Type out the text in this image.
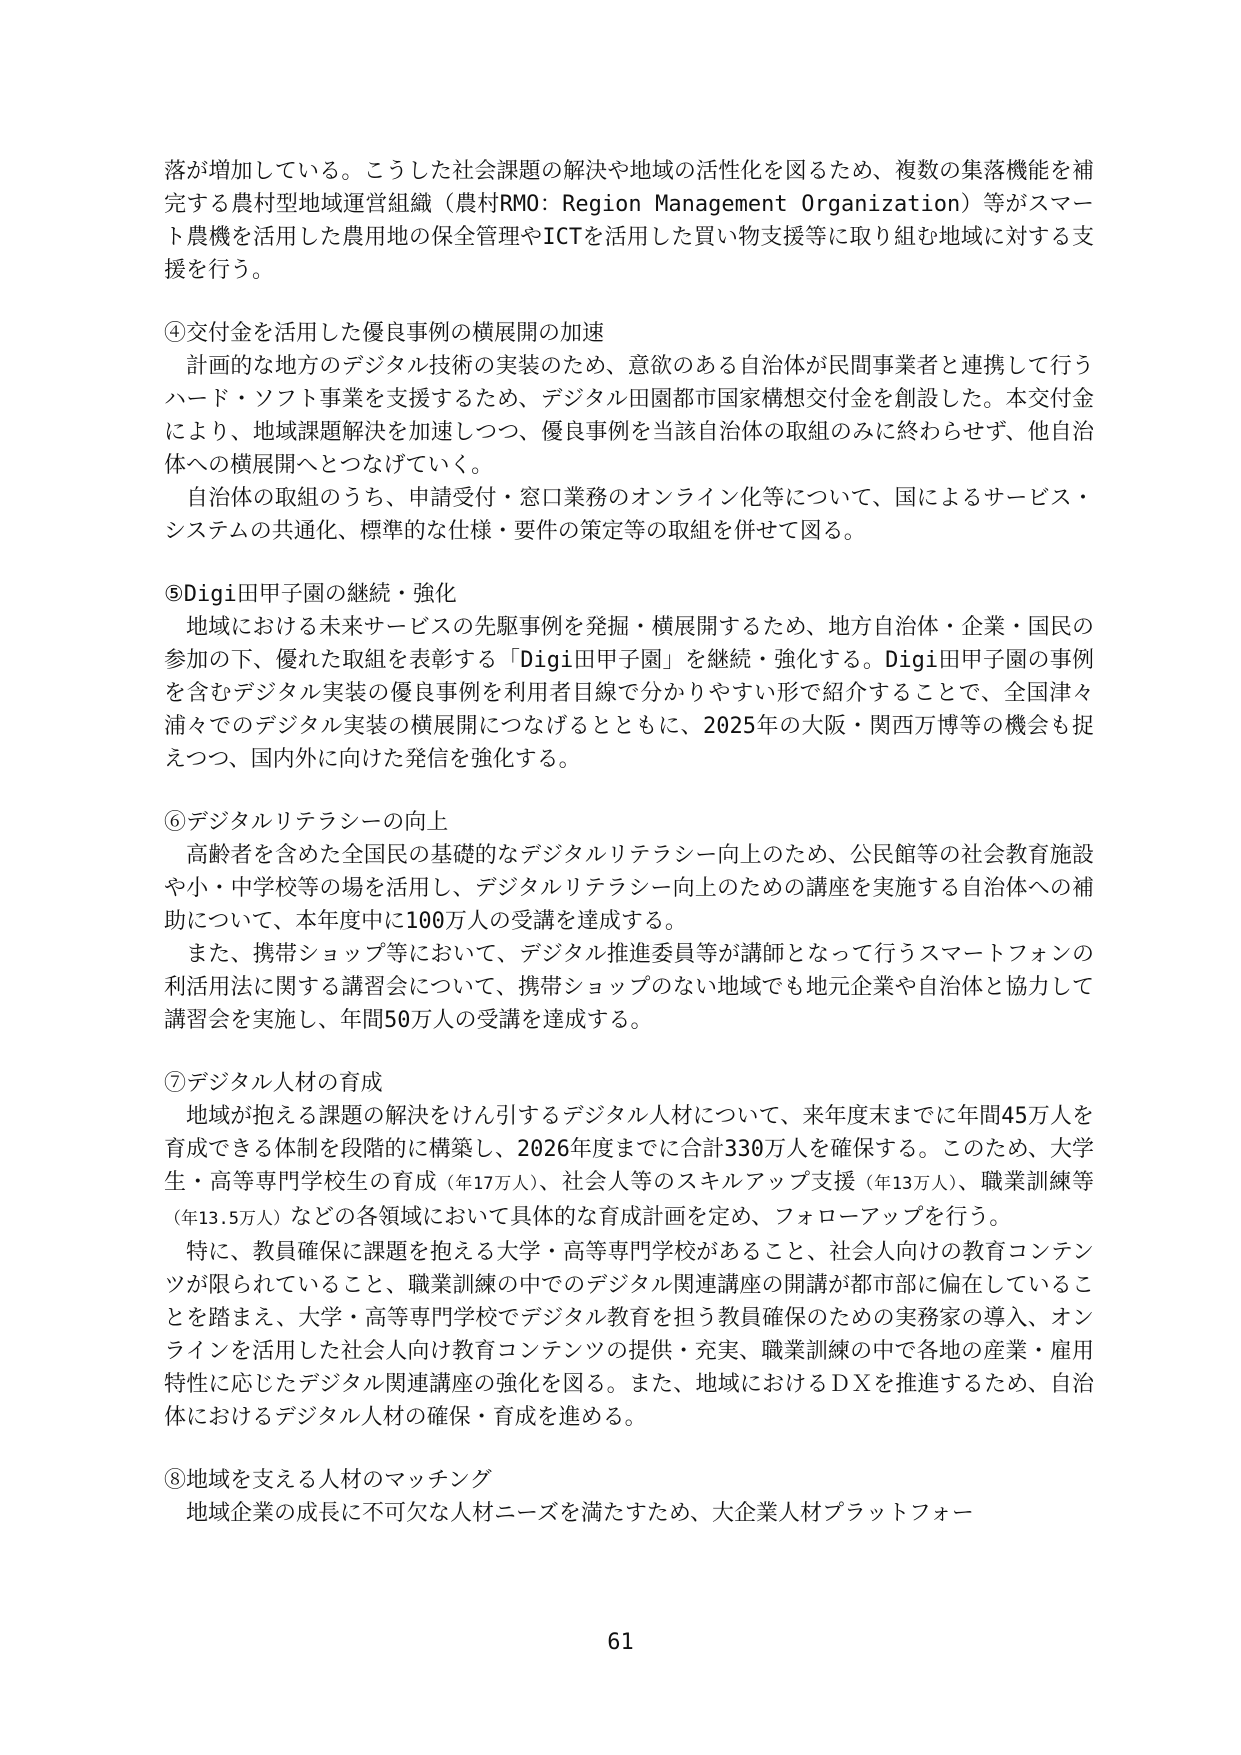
落が増加している。こうした社会課題の解決や地域の活性化を図るため、複数の集落機能を補完する農村型地域運営組織（農村RMO：Region Management Organization）等がスマート農機を活用した農用地の保全管理やICTを活用した買い物支援等に取り組む地域に対する支援を行う。

④交付金を活用した優良事例の横展開の加速

計画的な地方のデジタル技術の実装のため、意欲のある自治体が民間事業者と連携して行うハード・ソフト事業を支援するため、デジタル田園都市国家構想交付金を創設した。本交付金により、地域課題解決を加速しつつ、優良事例を当該自治体の取組のみに終わらせず、他自治体への横展開へとつなげていく。

自治体の取組のうち、申請受付・窓口業務のオンライン化等について、国によるサービス・システムの共通化、標準的な仕様・要件の策定等の取組を併せて図る。

⑤Digi田甲子園の継続・強化

地域における未来サービスの先駆事例を発掘・横展開するため、地方自治体・企業・国民の参加の下、優れた取組を表彰する「Digi田甲子園」を継続・強化する。Digi田甲子園の事例を含むデジタル実装の優良事例を利用者目線で分かりやすい形で紹介することで、全国津々浦々でのデジタル実装の横展開につなげるとともに、2025年の大阪・関西万博等の機会も捉えつつ、国内外に向けた発信を強化する。

⑥デジタルリテラシーの向上

高齢者を含めた全国民の基礎的なデジタルリテラシー向上のため、公民館等の社会教育施設や小・中学校等の場を活用し、デジタルリテラシー向上のための講座を実施する自治体への補助について、本年度中に100万人の受講を達成する。

また、携帯ショップ等において、デジタル推進委員等が講師となって行うスマートフォンの利活用法に関する講習会について、携帯ショップのない地域でも地元企業や自治体と協力して講習会を実施し、年間50万人の受講を達成する。

⑦デジタル人材の育成

地域が抱える課題の解決をけん引するデジタル人材について、来年度末までに年間45万人を育成できる体制を段階的に構築し、2026年度までに合計330万人を確保する。このため、大学生・高等専門学校生の育成（年17万人）、社会人等のスキルアップ支援（年13万人）、職業訓練等（年13.5万人）などの各領域において具体的な育成計画を定め、フォローアップを行う。

特に、教員確保に課題を抱える大学・高等専門学校があること、社会人向けの教育コンテンツが限られていること、職業訓練の中でのデジタル関連講座の開講が都市部に偏在していることを踏まえ、大学・高等専門学校でデジタル教育を担う教員確保のための実務家の導入、オンラインを活用した社会人向け教育コンテンツの提供・充実、職業訓練の中で各地の産業・雇用特性に応じたデジタル関連講座の強化を図る。また、地域におけるＤＸを推進するため、自治体におけるデジタル人材の確保・育成を進める。

⑧地域を支える人材のマッチング

地域企業の成長に不可欠な人材ニーズを満たすため、大企業人材プラットフォー

61
